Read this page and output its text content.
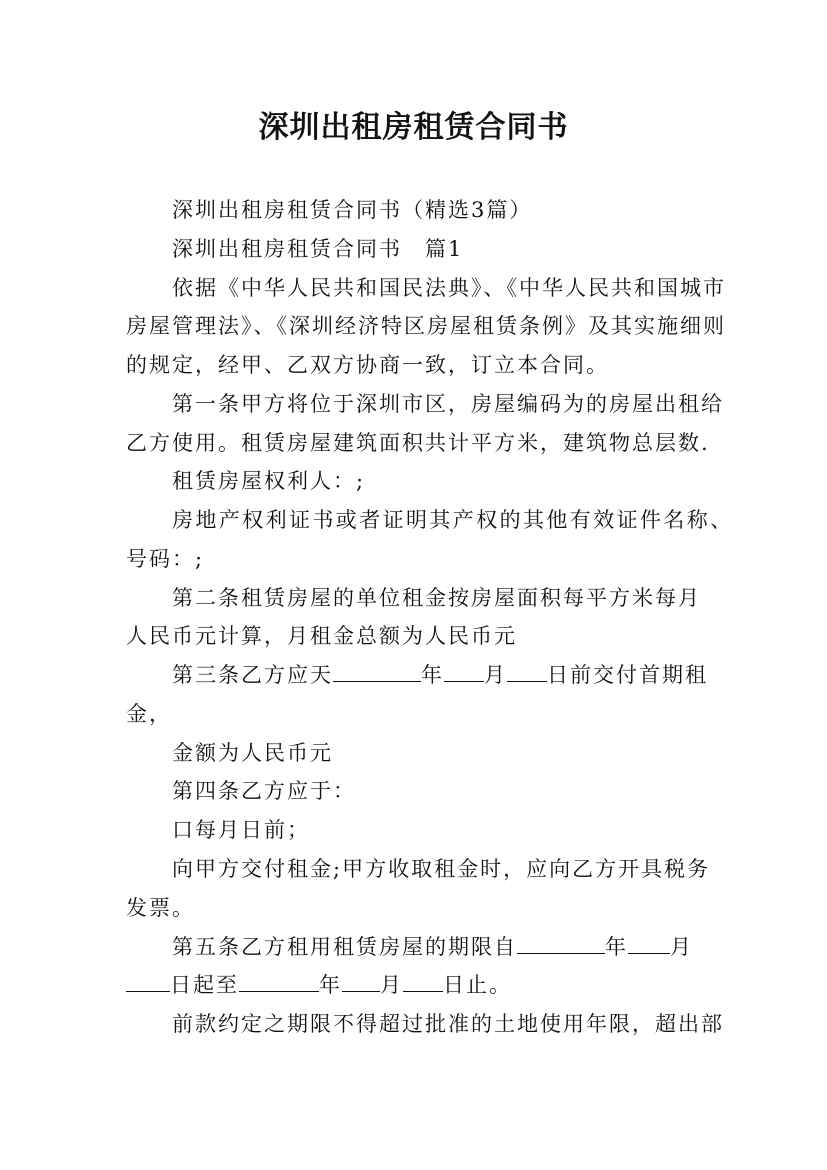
深圳出租房租赁合同书
深圳出租房租赁合同书（精选3篇）
深圳出租房租赁合同书　篇1
依据《中华人民共和国民法典》、《中华人民共和国城市
房屋管理法》、《深圳经济特区房屋租赁条例》及其实施细则
的规定，经甲、乙双方协商一致，订立本合同。
第一条甲方将位于深圳市区，房屋编码为的房屋出租给
乙方使用。租赁房屋建筑面积共计平方米，建筑物总层数.
租赁房屋权利人：;
房地产权利证书或者证明其产权的其他有效证件名称、
号码：;
第二条租赁房屋的单位租金按房屋面积每平方米每月
人民币元计算，月租金总额为人民币元
第三条乙方应天	年 月 日前交付首期租
金，
金额为人民币元
第四条乙方应于：
口每月日前；
向甲方交付租金;甲方收取租金时，应向乙方开具税务
发票。
第五条乙方租用租赁房屋的期限自	年 月
日起至	年 月 日止。
前款约定之期限不得超过批准的土地使用年限，超出部
